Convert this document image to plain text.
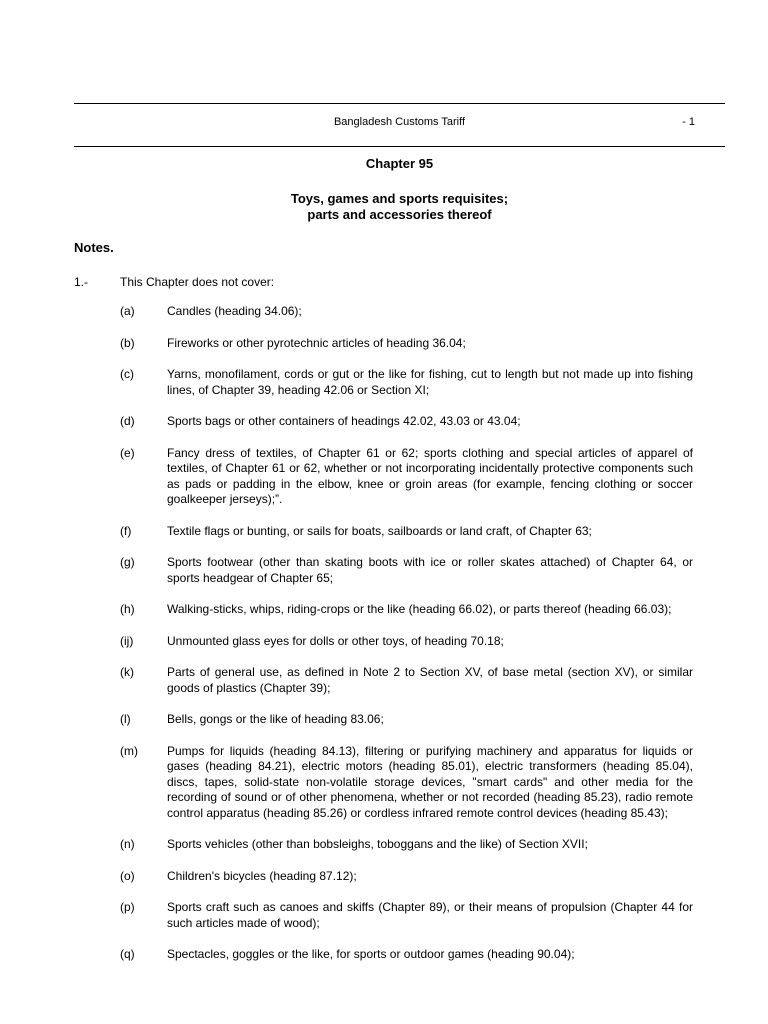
Bangladesh Customs Tariff	- 1
Chapter 95
Toys, games and sports requisites;
parts and accessories thereof
Notes.
1.-	This Chapter does not cover:
(a)	Candles (heading 34.06);
(b)	Fireworks or other pyrotechnic articles of heading 36.04;
(c)	Yarns, monofilament, cords or gut or the like for fishing, cut to length but not made up into fishing lines, of Chapter 39, heading 42.06 or Section XI;
(d)	Sports bags or other containers of headings 42.02, 43.03 or 43.04;
(e)	Fancy dress of textiles, of Chapter 61 or 62; sports clothing and special articles of apparel of textiles, of Chapter 61 or 62, whether or not incorporating incidentally protective components such as pads or padding in the elbow, knee or groin areas (for example, fencing clothing or soccer goalkeeper jerseys);”.
(f)	Textile flags or bunting, or sails for boats, sailboards or land craft, of Chapter 63;
(g)	Sports footwear (other than skating boots with ice or roller skates attached) of Chapter 64, or sports headgear of Chapter 65;
(h)	Walking-sticks, whips, riding-crops or the like (heading 66.02), or parts thereof (heading 66.03);
(ij)	Unmounted glass eyes for dolls or other toys, of heading 70.18;
(k)	Parts of general use, as defined in Note 2 to Section XV, of base metal (section XV), or similar goods of plastics (Chapter 39);
(l)	Bells, gongs or the like of heading 83.06;
(m)	Pumps for liquids (heading 84.13), filtering or purifying machinery and apparatus for liquids or gases (heading 84.21), electric motors (heading 85.01), electric transformers (heading 85.04), discs, tapes, solid-state non-volatile storage devices, "smart cards" and other media for the recording of sound or of other phenomena, whether or not recorded (heading 85.23), radio remote control apparatus (heading 85.26) or cordless infrared remote control devices (heading 85.43);
(n)	Sports vehicles (other than bobsleighs, toboggans and the like) of Section XVII;
(o)	Children's bicycles (heading 87.12);
(p)	Sports craft such as canoes and skiffs (Chapter 89), or their means of propulsion (Chapter 44 for such articles made of wood);
(q)	Spectacles, goggles or the like, for sports or outdoor games (heading 90.04);
